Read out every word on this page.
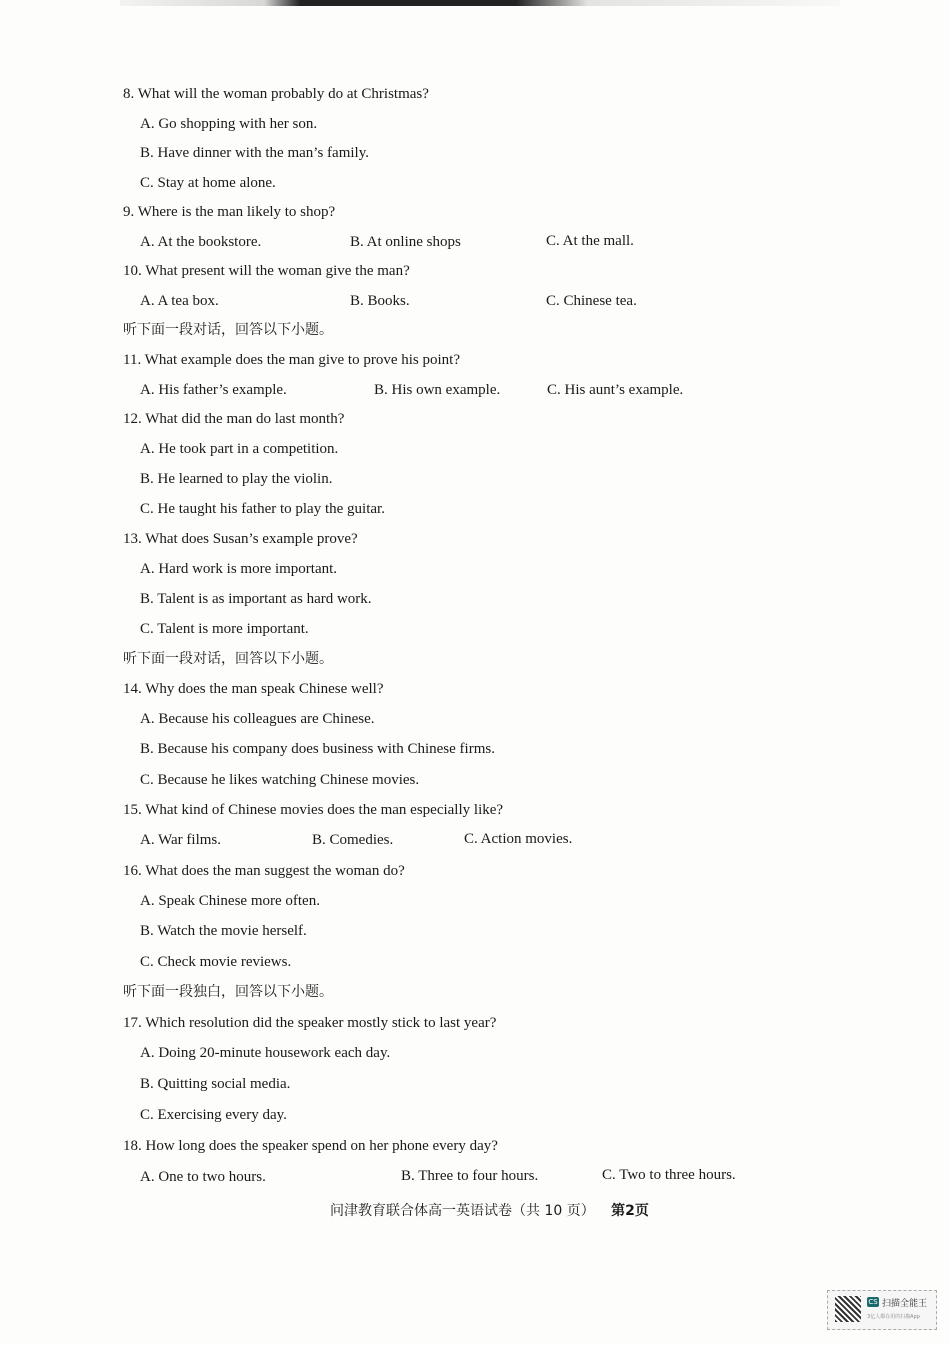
8. What will the woman probably do at Christmas?
A. Go shopping with her son.
B. Have dinner with the man’s family.
C. Stay at home alone.
9. Where is the man likely to shop?
A. At the bookstore.	B. At online shops	C. At the mall.
10. What present will the woman give the man?
A. A tea box.	B. Books.	C. Chinese tea.
听下面一段对话，回答以下小题。
11. What example does the man give to prove his point?
A. His father’s example.	B. His own example.	C. His aunt’s example.
12. What did the man do last month?
A. He took part in a competition.
B. He learned to play the violin.
C. He taught his father to play the guitar.
13. What does Susan’s example prove?
A. Hard work is more important.
B. Talent is as important as hard work.
C. Talent is more important.
听下面一段对话，回答以下小题。
14. Why does the man speak Chinese well?
A. Because his colleagues are Chinese.
B. Because his company does business with Chinese firms.
C. Because he likes watching Chinese movies.
15. What kind of Chinese movies does the man especially like?
A. War films.	B. Comedies.	C. Action movies.
16. What does the man suggest the woman do?
A. Speak Chinese more often.
B. Watch the movie herself.
C. Check movie reviews.
听下面一段独白，回答以下小题。
17. Which resolution did the speaker mostly stick to last year?
A. Doing 20-minute housework each day.
B. Quitting social media.
C. Exercising every day.
18. How long does the speaker spend on her phone every day?
A. One to two hours.	B. Three to four hours.	C. Two to three hours.
问津教育联合体高一英语试卷（共 10 页） 第2页
CS 扫描全能王
3亿人都在用的扫描App
